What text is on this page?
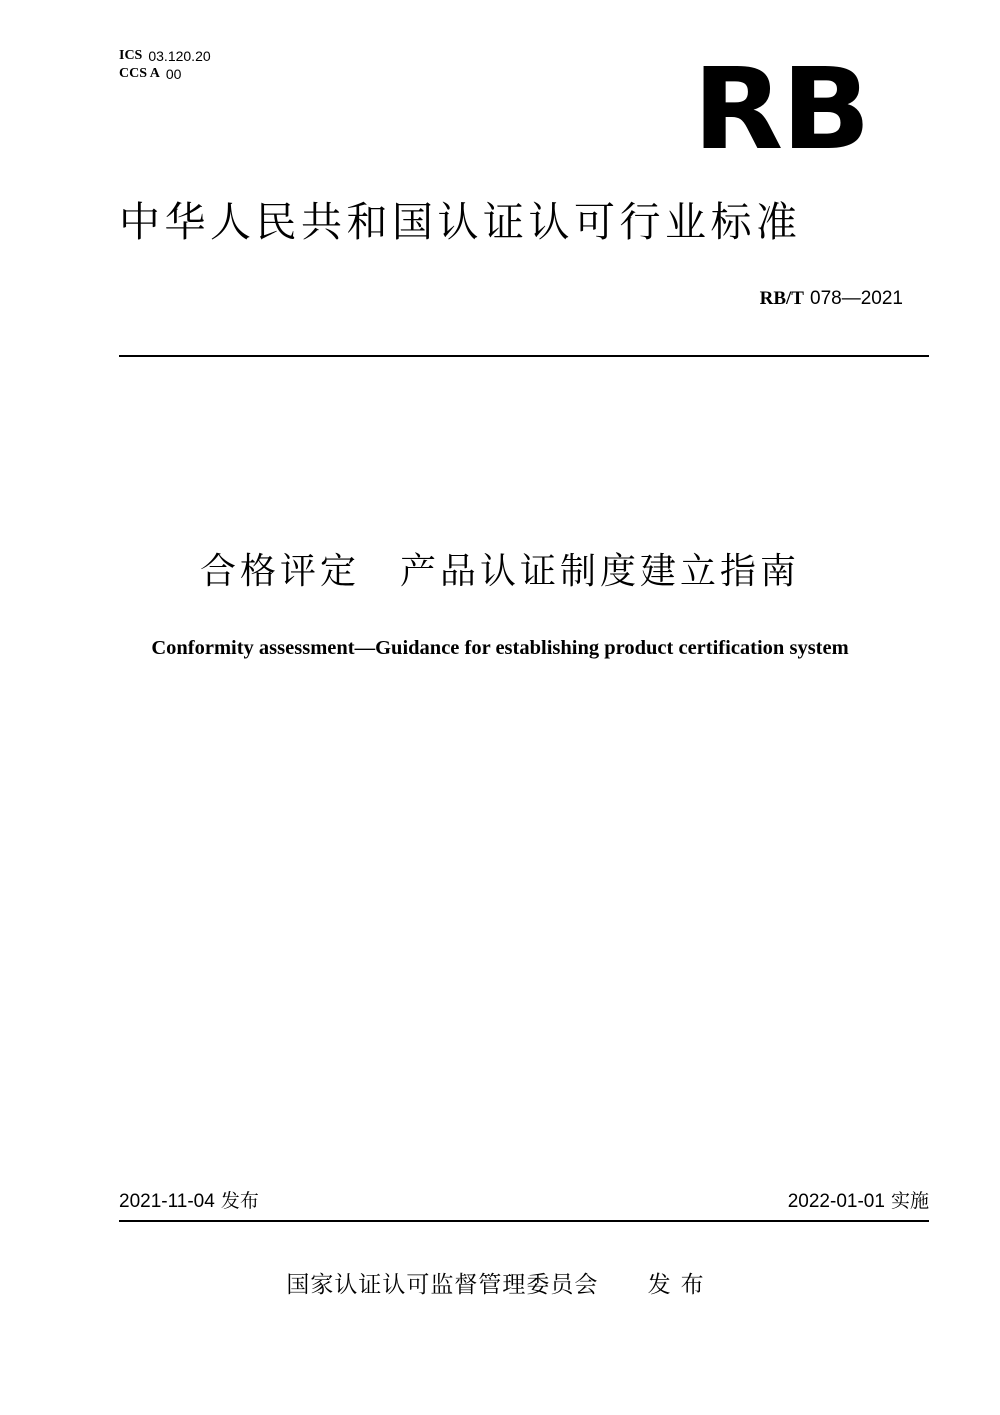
ICS 03.120.20
CCS A 00	RB
中华人民共和国认证认可行业标准
RB/T 078—2021
合格评定　产品认证制度建立指南
Conformity assessment—Guidance for establishing product certification system
2021-11-04 发布	2022-01-01 实施
国家认证认可监督管理委员会 发布
